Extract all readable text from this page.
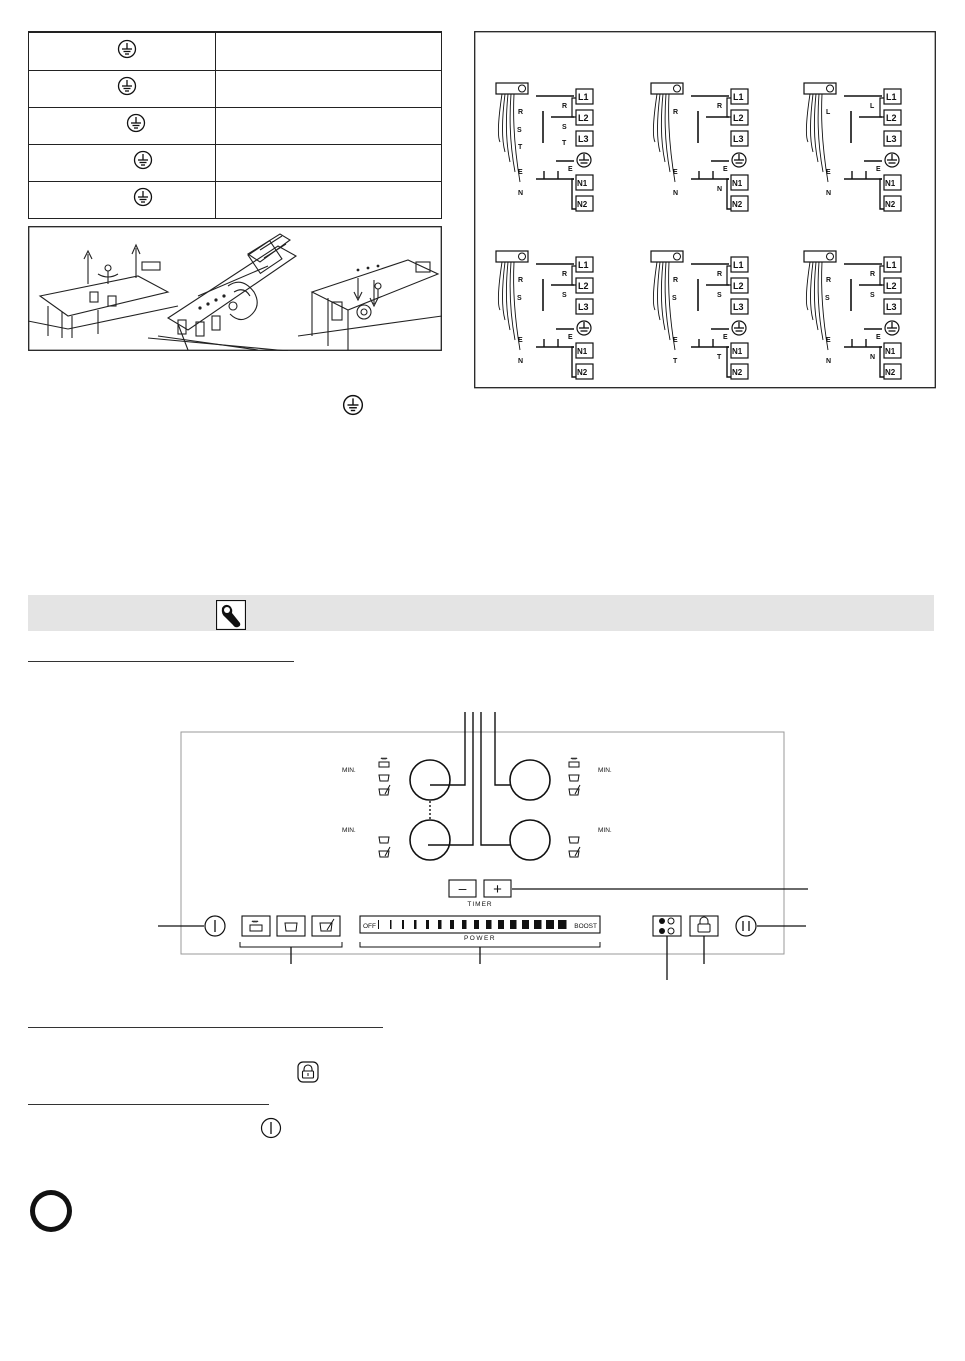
R
S
T
E
N
L1
L2
L3
N1
N2
R
S
T
E
R
E
N
L1
L2
L3
N1
N2
R
N
E
L
E
N
L1
L2
L3
N1
N2
L
E
R
S
E
N
L1
L2
L3
N1
N2
R
S
E
R
S
E
T
L1
L2
L3
N1
N2
R
S
T
E
R
S
E
N
L1
L2
L3
N1
N2
R
S
N
E
MIN.
MIN.
MIN.
MIN.
– +
TIMER
OFF	BOOST
POWER
